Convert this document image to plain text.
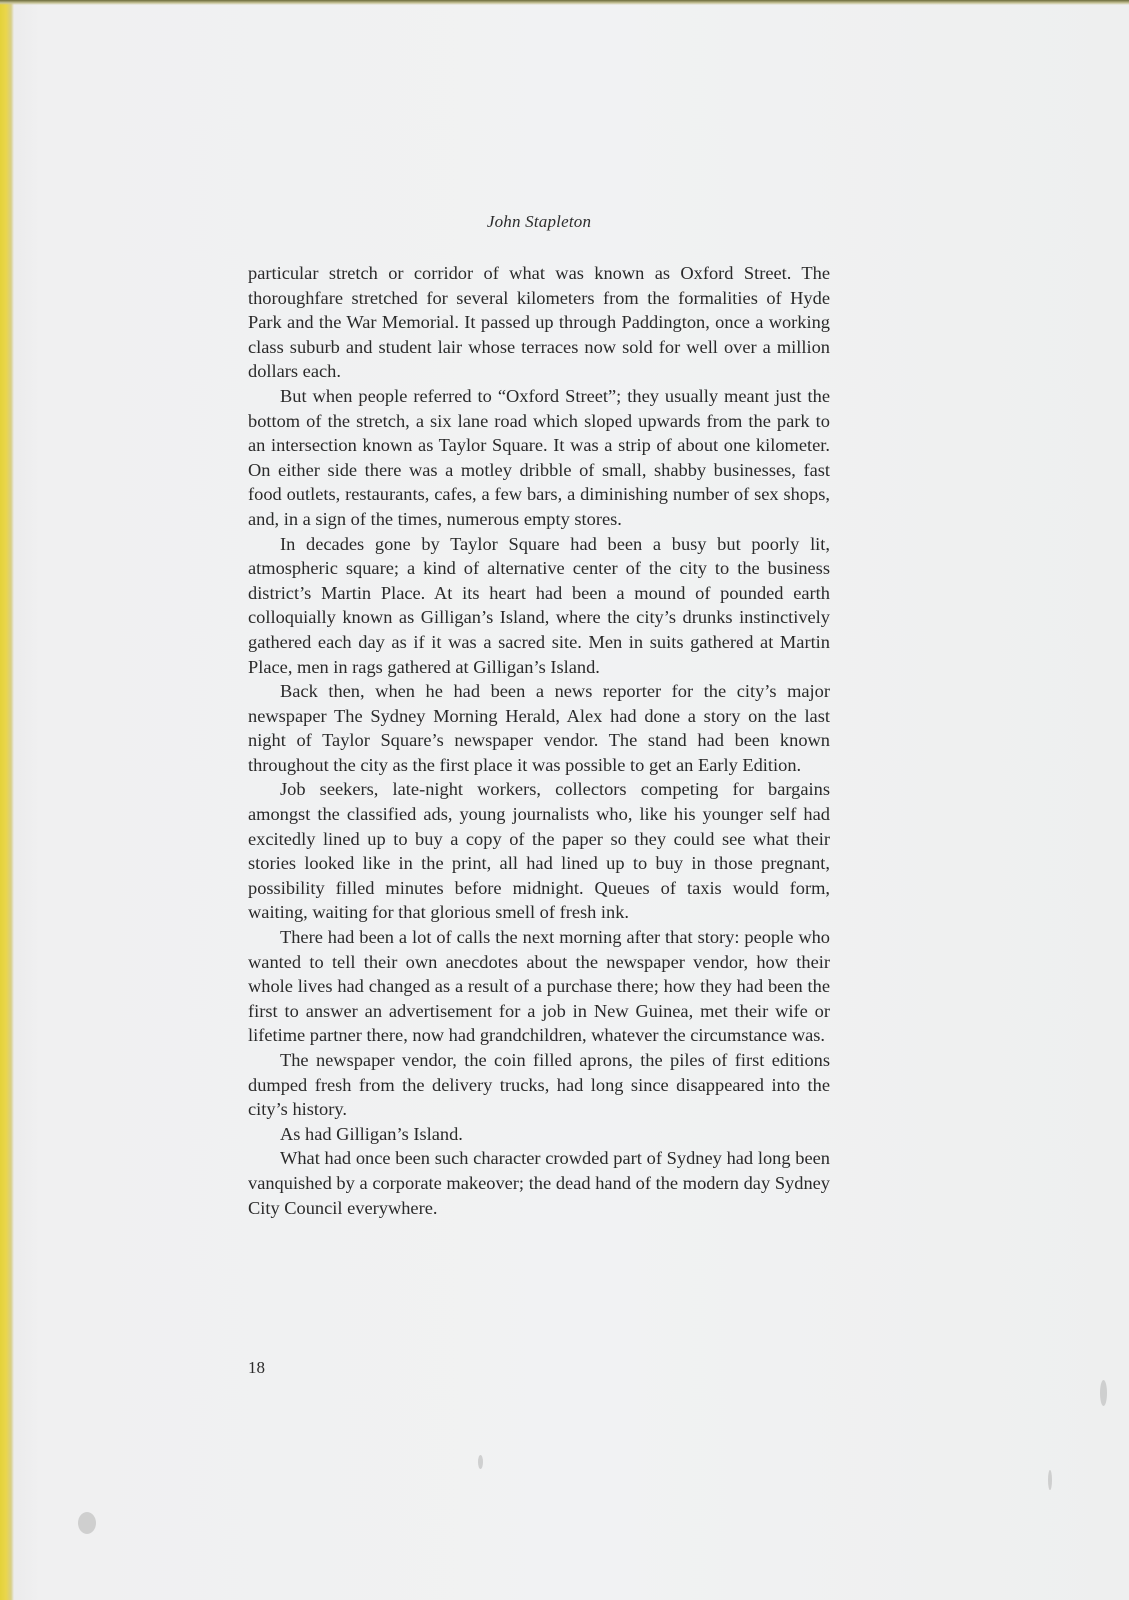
John Stapleton

particular stretch or corridor of what was known as Oxford Street. The thoroughfare stretched for several kilometers from the formalities of Hyde Park and the War Memorial. It passed up through Paddington, once a working class suburb and student lair whose terraces now sold for well over a million dollars each.

But when people referred to “Oxford Street”; they usually meant just the bottom of the stretch, a six lane road which sloped upwards from the park to an intersection known as Taylor Square. It was a strip of about one kilometer. On either side there was a motley dribble of small, shabby businesses, fast food outlets, restaurants, cafes, a few bars, a diminishing number of sex shops, and, in a sign of the times, numerous empty stores.

In decades gone by Taylor Square had been a busy but poorly lit, atmospheric square; a kind of alternative center of the city to the business district’s Martin Place. At its heart had been a mound of pounded earth colloquially known as Gilligan’s Island, where the city’s drunks instinctively gathered each day as if it was a sacred site. Men in suits gathered at Martin Place, men in rags gathered at Gilligan’s Island.

Back then, when he had been a news reporter for the city’s major newspaper The Sydney Morning Herald, Alex had done a story on the last night of Taylor Square’s newspaper vendor. The stand had been known throughout the city as the first place it was possible to get an Early Edition.

Job seekers, late-night workers, collectors competing for bargains amongst the classified ads, young journalists who, like his younger self had excitedly lined up to buy a copy of the paper so they could see what their stories looked like in the print, all had lined up to buy in those pregnant, possibility filled minutes before midnight. Queues of taxis would form, waiting, waiting for that glorious smell of fresh ink.

There had been a lot of calls the next morning after that story: people who wanted to tell their own anecdotes about the newspaper vendor, how their whole lives had changed as a result of a purchase there; how they had been the first to answer an advertisement for a job in New Guinea, met their wife or lifetime partner there, now had grandchildren, whatever the circumstance was.

The newspaper vendor, the coin filled aprons, the piles of first editions dumped fresh from the delivery trucks, had long since disappeared into the city’s history.

As had Gilligan’s Island.

What had once been such character crowded part of Sydney had long been vanquished by a corporate makeover; the dead hand of the modern day Sydney City Council everywhere.

18
